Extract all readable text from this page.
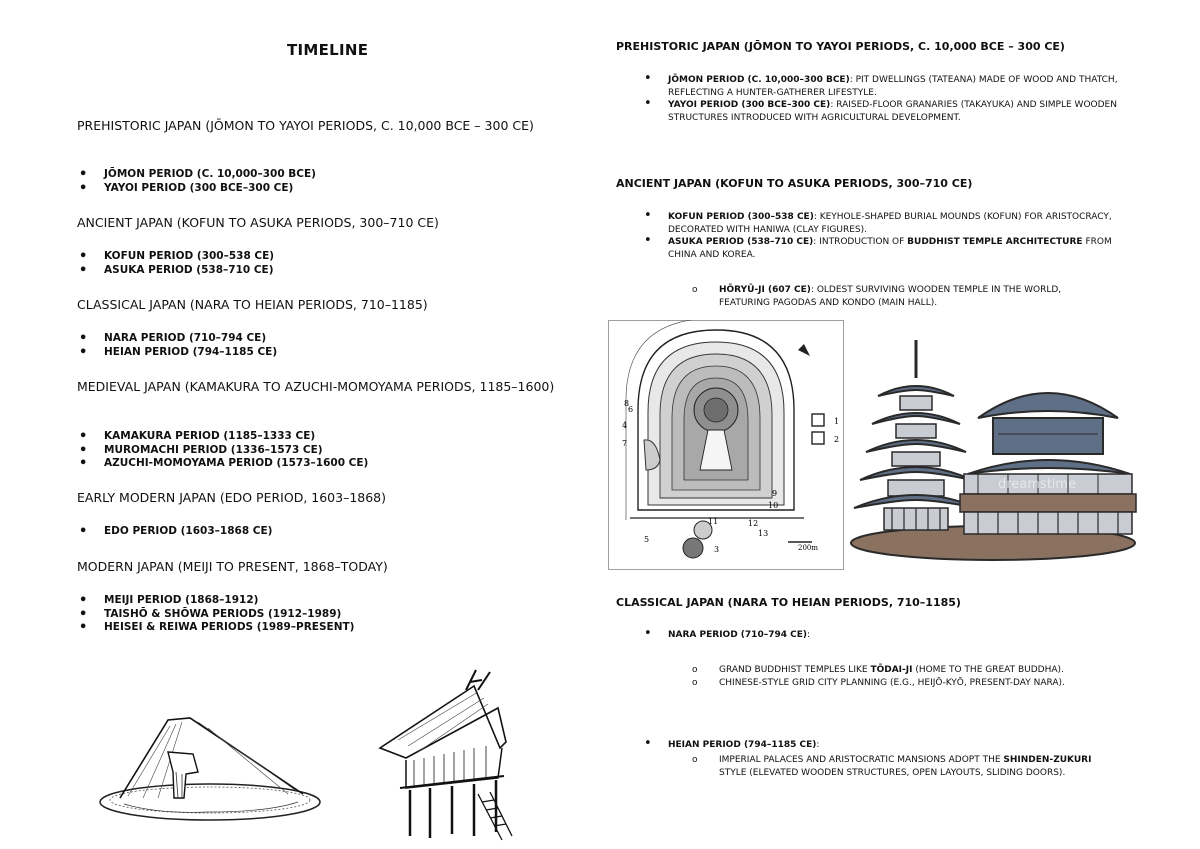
TIMELINE
PREHISTORIC JAPAN (JŌMON TO YAYOI PERIODS, C. 10,000 BCE – 300 CE)
• JŌMON PERIOD (C. 10,000–300 BCE)
• YAYOI PERIOD (300 BCE–300 CE)
ANCIENT JAPAN (KOFUN TO ASUKA PERIODS, 300–710 CE)
• KOFUN PERIOD (300–538 CE)
• ASUKA PERIOD (538–710 CE)
CLASSICAL JAPAN (NARA TO HEIAN PERIODS, 710–1185)
• NARA PERIOD (710–794 CE)
• HEIAN PERIOD (794–1185 CE)
MEDIEVAL JAPAN (KAMAKURA TO AZUCHI-MOMOYAMA PERIODS, 1185–1600)
• KAMAKURA PERIOD (1185–1333 CE)
• MUROMACHI PERIOD (1336–1573 CE)
• AZUCHI-MOMOYAMA PERIOD (1573–1600 CE)
EARLY MODERN JAPAN (EDO PERIOD, 1603–1868)
• EDO PERIOD (1603–1868 CE)
MODERN JAPAN (MEIJI TO PRESENT, 1868–TODAY)
• MEIJI PERIOD (1868–1912)
• TAISHŌ & SHŌWA PERIODS (1912–1989)
• HEISEI & REIWA PERIODS (1989–PRESENT)
PREHISTORIC JAPAN (JŌMON TO YAYOI PERIODS, C. 10,000 BCE – 300 CE)
• JŌMON PERIOD (C. 10,000–300 BCE): PIT DWELLINGS (TATEANA) MADE OF WOOD AND THATCH, REFLECTING A HUNTER-GATHERER LIFESTYLE.
• YAYOI PERIOD (300 BCE–300 CE): RAISED-FLOOR GRANARIES (TAKAYUKA) AND SIMPLE WOODEN STRUCTURES INTRODUCED WITH AGRICULTURAL DEVELOPMENT.
ANCIENT JAPAN (KOFUN TO ASUKA PERIODS, 300–710 CE)
• KOFUN PERIOD (300–538 CE): KEYHOLE-SHAPED BURIAL MOUNDS (KOFUN) FOR ARISTOCRACY, DECORATED WITH HANIWA (CLAY FIGURES).
• ASUKA PERIOD (538–710 CE): INTRODUCTION OF BUDDHIST TEMPLE ARCHITECTURE FROM CHINA AND KOREA.
o HŌRYŪ-JI (607 CE): OLDEST SURVIVING WOODEN TEMPLE IN THE WORLD, FEATURING PAGODAS AND KONDO (MAIN HALL).
1
2
3
4
5
6
7
8
9
10
11	12
13
200m
dreamstime
CLASSICAL JAPAN (NARA TO HEIAN PERIODS, 710–1185)
• NARA PERIOD (710–794 CE):
o GRAND BUDDHIST TEMPLES LIKE TŌDAI-JI (HOME TO THE GREAT BUDDHA).
o CHINESE-STYLE GRID CITY PLANNING (E.G., HEIJŌ-KYŌ, PRESENT-DAY NARA).
• HEIAN PERIOD (794–1185 CE):
o IMPERIAL PALACES AND ARISTOCRATIC MANSIONS ADOPT THE SHINDEN-ZUKURI STYLE (ELEVATED WOODEN STRUCTURES, OPEN LAYOUTS, SLIDING DOORS).
